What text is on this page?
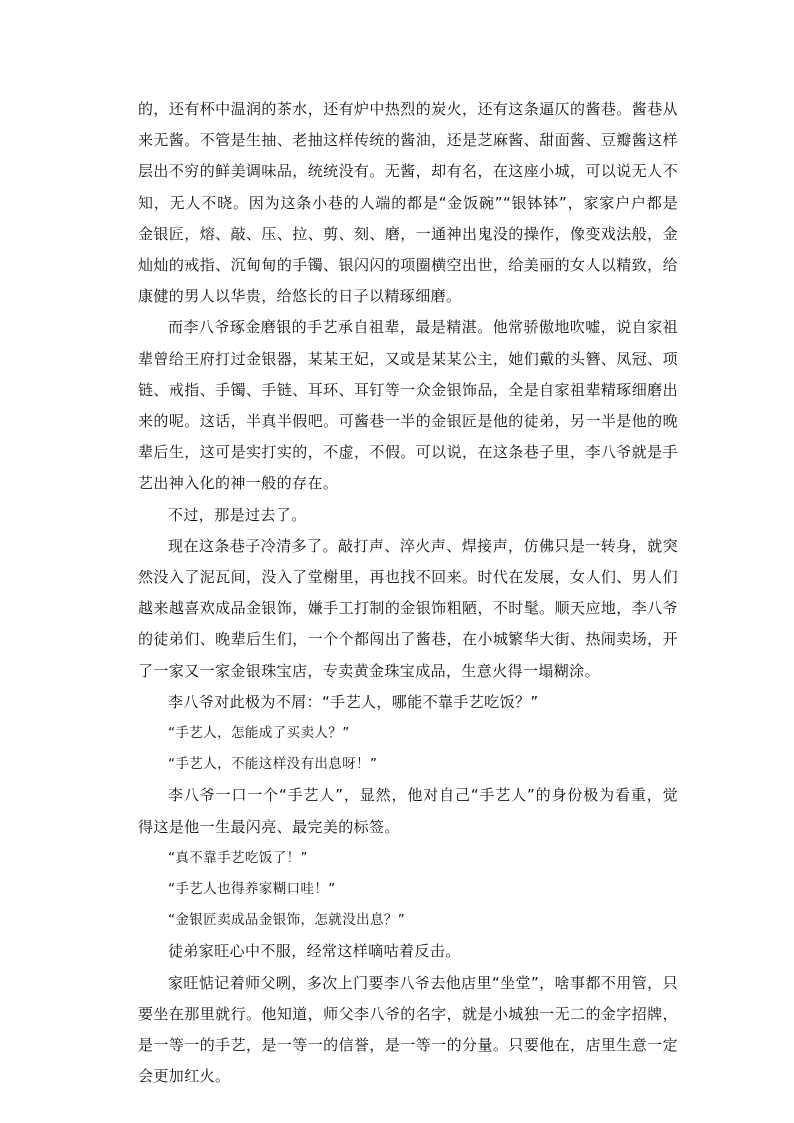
的，还有杯中温润的茶水，还有炉中热烈的炭火，还有这条逼仄的酱巷。酱巷从来无酱。不管是生抽、老抽这样传统的酱油，还是芝麻酱、甜面酱、豆瓣酱这样层出不穷的鲜美调味品，统统没有。无酱，却有名，在这座小城，可以说无人不知，无人不晓。因为这条小巷的人端的都是“金饭碗”“银钵钵”，家家户户都是金银匠，熔、敲、压、拉、剪、刻、磨，一通神出鬼没的操作，像变戏法般，金灿灿的戒指、沉甸甸的手镯、银闪闪的项圈横空出世，给美丽的女人以精致，给康健的男人以华贵，给悠长的日子以精琢细磨。

而李八爷琢金磨银的手艺承自祖辈，最是精湛。他常骄傲地吹嘘，说自家祖辈曾给王府打过金银器，某某王妃，又或是某某公主，她们戴的头簪、凤冠、项链、戒指、手镯、手链、耳环、耳钉等一众金银饰品，全是自家祖辈精琢细磨出来的呢。这话，半真半假吧。可酱巷一半的金银匠是他的徒弟，另一半是他的晚辈后生，这可是实打实的，不虚，不假。可以说，在这条巷子里，李八爷就是手艺出神入化的神一般的存在。

不过，那是过去了。

现在这条巷子冷清多了。敲打声、淬火声、焊接声，仿佛只是一转身，就突然没入了泥瓦间，没入了堂榭里，再也找不回来。时代在发展，女人们、男人们越来越喜欢成品金银饰，嫌手工打制的金银饰粗陋，不时髦。顺天应地，李八爷的徒弟们、晚辈后生们，一个个都闯出了酱巷，在小城繁华大街、热闹卖场，开了一家又一家金银珠宝店，专卖黄金珠宝成品，生意火得一塌糊涂。

李八爷对此极为不屑：“手艺人，哪能不靠手艺吃饭？”

“手艺人，怎能成了买卖人？”

“手艺人，不能这样没有出息呀！”

李八爷一口一个“手艺人”，显然，他对自己“手艺人”的身份极为看重，觉得这是他一生最闪亮、最完美的标签。

“真不靠手艺吃饭了！”

“手艺人也得养家糊口哇！”

“金银匠卖成品金银饰，怎就没出息？”

徒弟家旺心中不服，经常这样嘀咕着反击。

家旺惦记着师父咧，多次上门要李八爷去他店里“坐堂”，啥事都不用管，只要坐在那里就行。他知道，师父李八爷的名字，就是小城独一无二的金字招牌，是一等一的手艺，是一等一的信誉，是一等一的分量。只要他在，店里生意一定会更加红火。
